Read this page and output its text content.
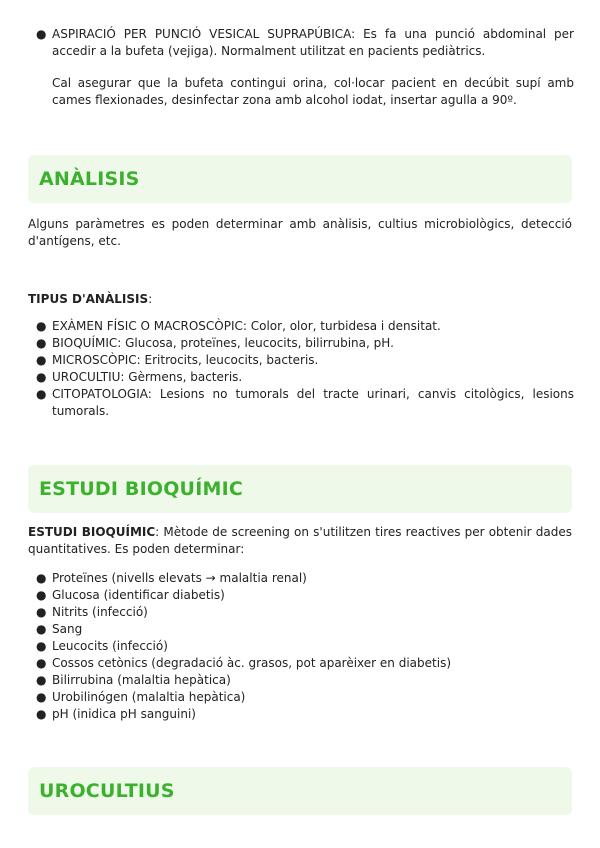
● ASPIRACIÓ PER PUNCIÓ VESICAL SUPRAPÚBICA: Es fa una punció abdominal per accedir a la bufeta (vejiga). Normalment utilitzat en pacients pediàtrics.
Cal asegurar que la bufeta contingui orina, col·locar pacient en decúbit supí amb cames flexionades, desinfectar zona amb alcohol iodat, insertar agulla a 90º.
ANÀLISIS

Alguns paràmetres es poden determinar amb anàlisis, cultius microbiològics, detecció d'antígens, etc.

TIPUS D'ANÀLISIS:

● EXÀMEN FÍSIC O MACROSCÒPIC: Color, olor, turbidesa i densitat.
● BIOQUÍMIC: Glucosa, proteïnes, leucocits, bilirrubina, pH.
● MICROSCÒPIC: Eritrocits, leucocits, bacteris.
● UROCULTIU: Gèrmens, bacteris.
● CITOPATOLOGIA: Lesions no tumorals del tracte urinari, canvis citològics, lesions tumorals.
ESTUDI BIOQUÍMIC

ESTUDI BIOQUÍMIC: Mètode de screening on s'utilitzen tires reactives per obtenir dades quantitatives. Es poden determinar:

● Proteïnes (nivells elevats → malaltia renal)
● Glucosa (identificar diabetis)
● Nitrits (infecció)
● Sang
● Leucocits (infecció)
● Cossos cetònics (degradació àc. grasos, pot aparèixer en diabetis)
● Bilirrubina (malaltia hepàtica)
● Urobilinógen (malaltia hepàtica)
● pH (inidica pH sanguini)
UROCULTIUS
